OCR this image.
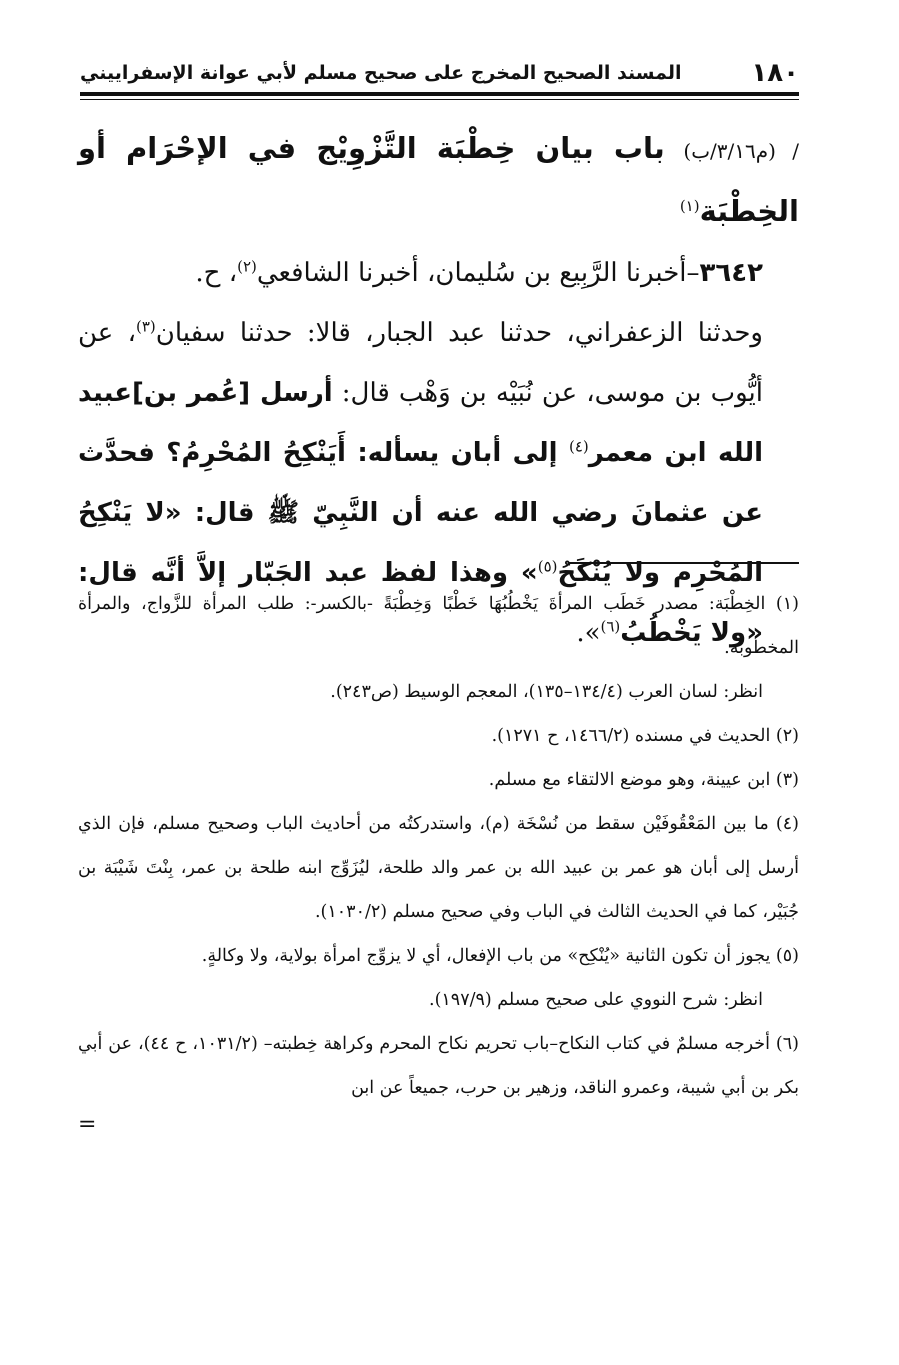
١٨٠
المسند الصحيح المخرج على صحيح مسلم لأبي عوانة الإسفراييني

/ (م٣/١٦/ب) باب بيان خِطْبَة التَّزْوِيْج في الإحْرَام أو الخِطْبَة$^{(١)}$

٣٦٤٢–أخبرنا الرَّبِيع بن سُليمان، أخبرنا الشافعي$^{(٢)}$، ح.

وحدثنا الزعفراني، حدثنا عبد الجبار، قالا: حدثنا سفيان$^{(٣)}$، عن أيُّوب بن موسى، عن نُبَيْه بن وَهْب قال: أرسل [عُمر بن]عبيد الله ابن معمر$^{(٤)}$ إلى أبان يسأله: أَيَنْكِحُ المُحْرِمُ؟ فحدَّث عن عثمانَ رضي الله عنه أن النَّبِيّ ﷺ قال: «لا يَنْكِحُ المُحْرِم ولا يُنْكَحُ$^{(٥)}$» وهذا لفظ عبد الجَبّار إلاَّ أنَّه قال: «ولا يَخْطُبُ$^{(٦)}$».

(١) الخِطْبَة: مصدر خَطَب المرأةَ يَخْطُبُهَا خَطْبًا وَخِطْبَةً -بالكسر-: طلب المرأة للزَّواج، والمرأة المخطوبة.

انظر: لسان العرب (١٣٤/٤–١٣٥)، المعجم الوسيط (ص٢٤٣).

(٢) الحديث في مسنده (١٤٦٦/٢، ح ١٢٧١).

(٣) ابن عيينة، وهو موضع الالتقاء مع مسلم.

(٤) ما بين المَعْقُوفَيْن سقط من نُسْخَة (م)، واستدركتُه من أحاديث الباب وصحيح مسلم، فإن الذي أرسل إلى أبان هو عمر بن عبيد الله بن عمر والد طلحة، ليُزَوِّج ابنه طلحة بن عمر، بِنْتَ شَيْبَة بن جُبَيْر، كما في الحديث الثالث في الباب وفي صحيح مسلم (١٠٣٠/٢).

(٥) يجوز أن تكون الثانية «يُنْكِح» من باب الإفعال، أي لا يزوِّج امرأة بولاية، ولا وكالةٍ.

انظر: شرح النووي على صحيح مسلم (١٩٧/٩).

(٦) أخرجه مسلمٌ في كتاب النكاح–باب تحريم نكاح المحرم وكراهة خِطبته– (١٠٣١/٢، ح ٤٤)، عن أبي بكر بن أبي شيبة، وعمرو الناقد، وزهير بن حرب، جميعاً عن ابن

=
